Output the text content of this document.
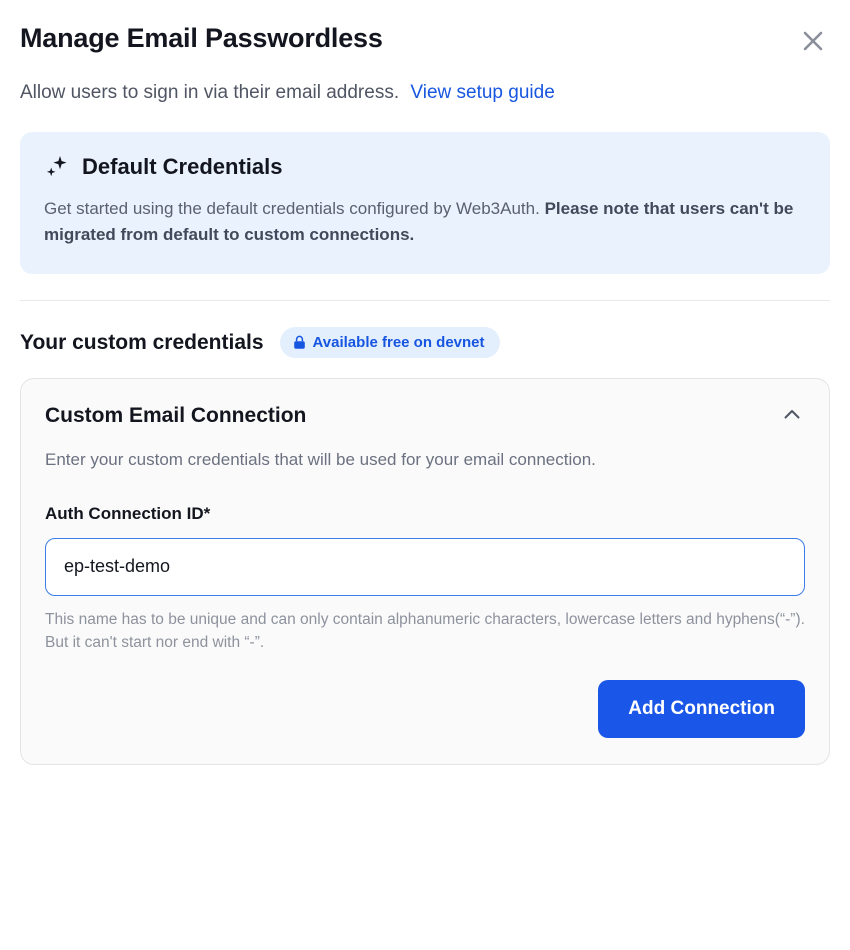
Manage Email Passwordless
Allow users to sign in via their email address. View setup guide
Default Credentials
Get started using the default credentials configured by Web3Auth. Please note that users can't be migrated from default to custom connections.
Your custom credentials	Available free on devnet
Custom Email Connection
Enter your custom credentials that will be used for your email connection.
Auth Connection ID*
ep-test-demo
This name has to be unique and can only contain alphanumeric characters, lowercase letters and hyphens(“-”). But it can't start nor end with “-”.
Add Connection
